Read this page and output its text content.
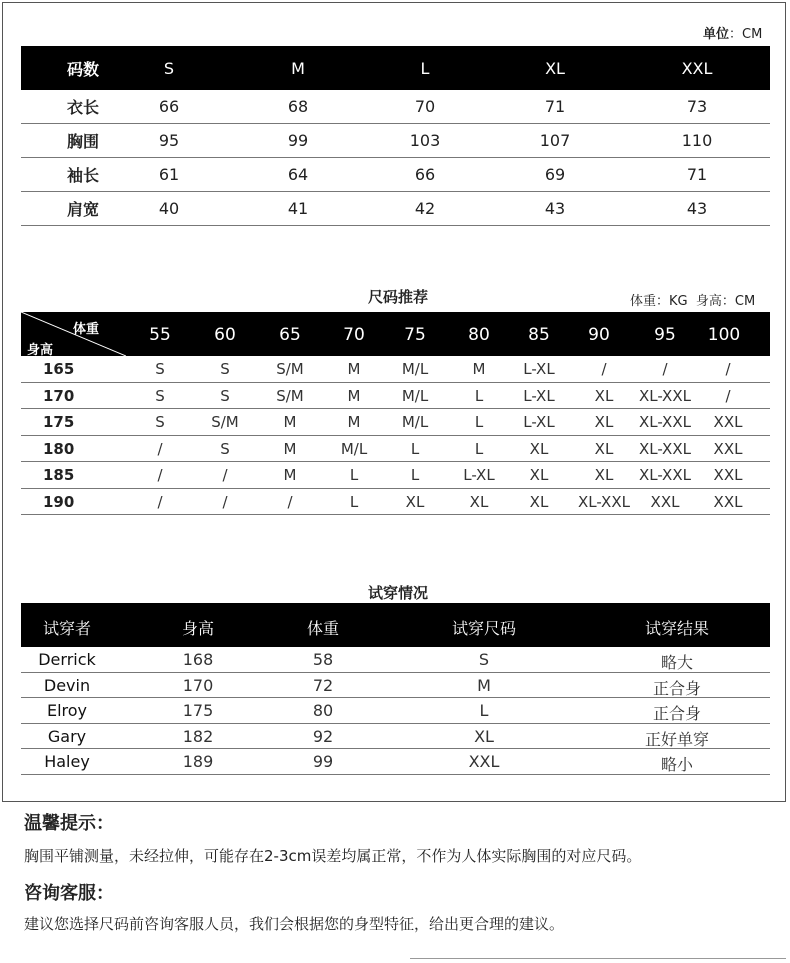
单位：CM
码数	S	M	L	XL	XXL
衣长	66	68	70	71	73
胸围	95	99	103	107	110
袖长	61	64	66	69	71
肩宽	40	41	42	43	43
尺码推荐	体重：KG 身高：CM
体重
身高
55	60	65 70 75 80 85 90	95 100
165	S	S	S/M	M	M/L	M	L-XL	/	/	/
170	S	S	S/M	M	M/L	L	L-XL	XL XL-XXL /
175	S	S/M	M	M	M/L	L	L-XL	XL XL-XXL XXL
180	/	S	M	M/L	L	L	XL	XL XL-XXL XXL
185	/	/	M	L	L	L-XL XL	XL XL-XXL XXL
190	/	/	/	L	XL	XL	XL XL-XXL XXL XXL
试穿情况
试穿者	身高	体重	试穿尺码	试穿结果
Derrick	168	58	S	略大
Devin	170	72	M	正合身
Elroy	175	80	L	正合身
Gary	182	92	XL	正好单穿
Haley	189	99	XXL	略小
温馨提示：
胸围平铺测量，未经拉伸，可能存在2-3cm误差均属正常，不作为人体实际胸围的对应尺码。
咨询客服：
建议您选择尺码前咨询客服人员，我们会根据您的身型特征，给出更合理的建议。
